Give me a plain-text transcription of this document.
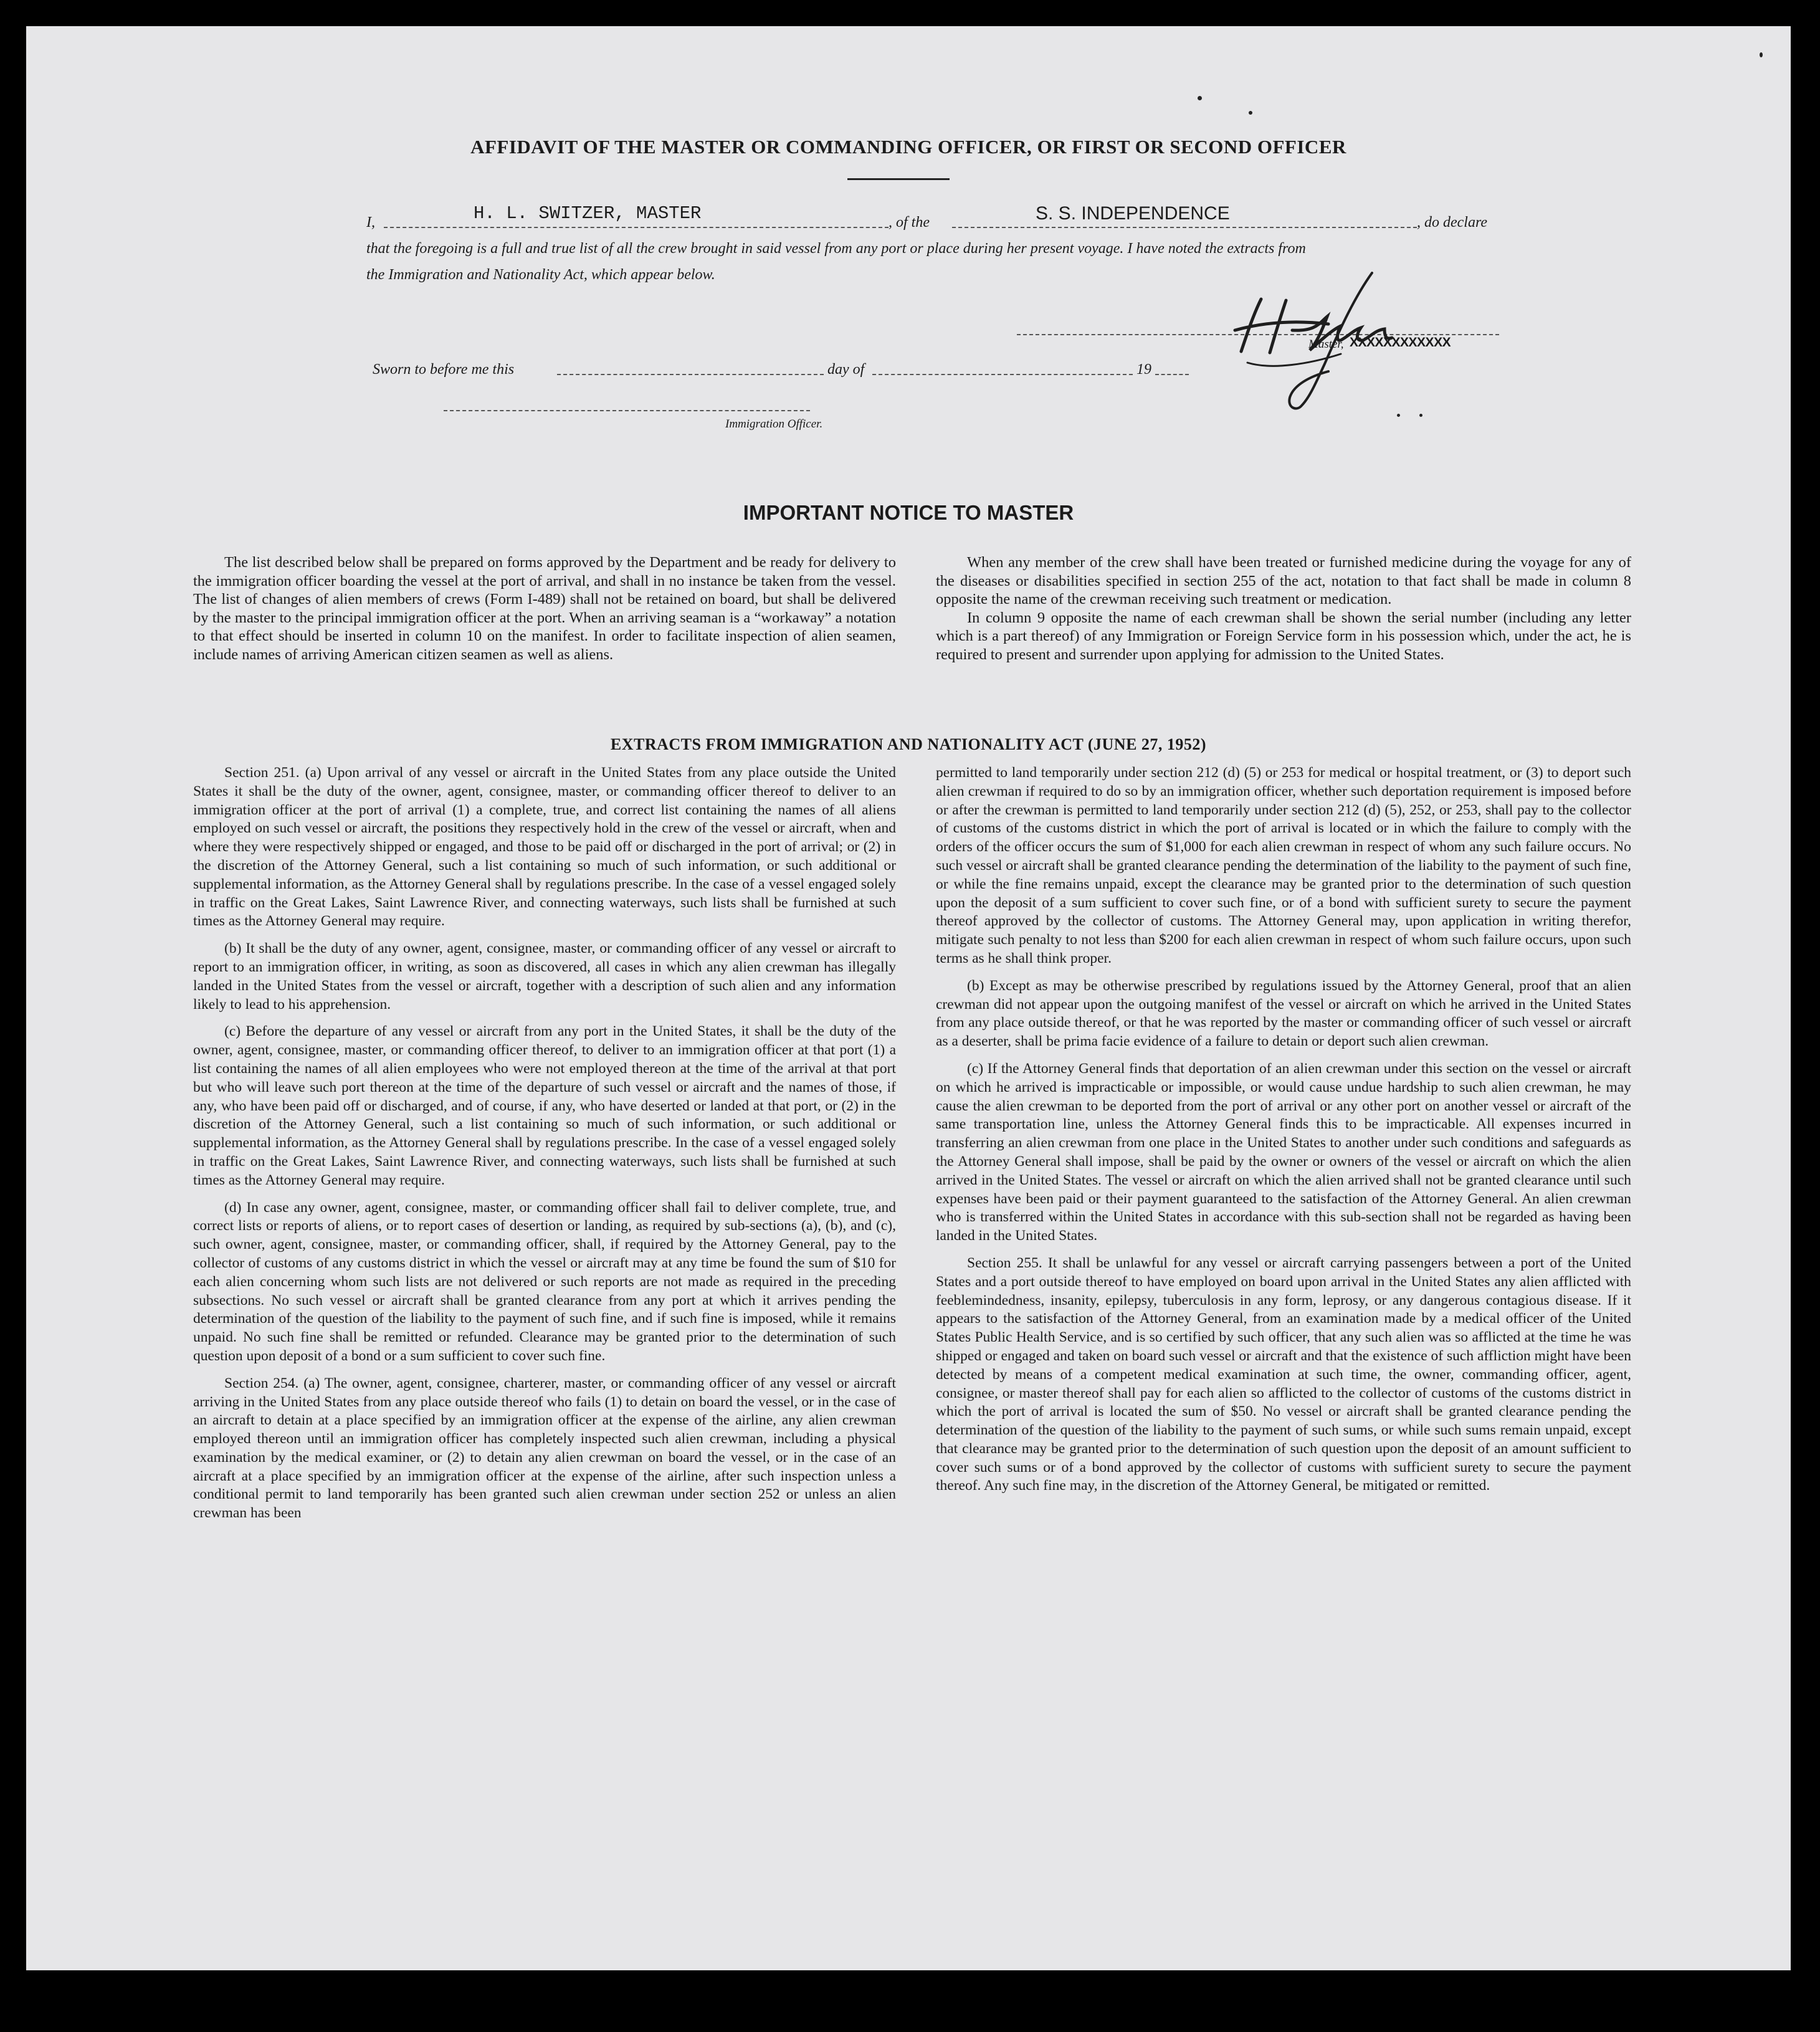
AFFIDAVIT OF THE MASTER OR COMMANDING OFFICER, OR FIRST OR SECOND OFFICER
I,	H. L. SWITZER, MASTER	, of the	S. S. INDEPENDENCE	, do declare
that the foregoing is a full and true list of all the crew brought in said vessel from any port or place during her present voyage. I have noted the extracts from
the Immigration and Nationality Act, which appear below.
Master, XXXXXXXXXXXX
Sworn to before me this	day of	19
Immigration Officer.
IMPORTANT NOTICE TO MASTER

The list described below shall be prepared on forms approved by the Department and be ready for delivery to the immigration officer boarding the vessel at the port of arrival, and shall in no instance be taken from the vessel. The list of changes of alien members of crews (Form I-489) shall not be retained on board, but shall be delivered by the master to the principal immigration officer at the port. When an arriving seaman is a “workaway” a notation to that effect should be inserted in column 10 on the manifest. In order to facilitate inspection of alien seamen, include names of arriving American citizen seamen as well as aliens.

When any member of the crew shall have been treated or furnished medicine during the voyage for any of the diseases or disabilities specified in section 255 of the act, notation to that fact shall be made in column 8 opposite the name of the crewman receiving such treatment or medication.

In column 9 opposite the name of each crewman shall be shown the serial number (including any letter which is a part thereof) of any Immigration or Foreign Service form in his possession which, under the act, he is required to present and surrender upon applying for admission to the United States.

EXTRACTS FROM IMMIGRATION AND NATIONALITY ACT (JUNE 27, 1952)

Section 251. (a) Upon arrival of any vessel or aircraft in the United States from any place outside the United States it shall be the duty of the owner, agent, consignee, master, or commanding officer thereof to deliver to an immigration officer at the port of arrival (1) a complete, true, and correct list containing the names of all aliens employed on such vessel or aircraft, the positions they respectively hold in the crew of the vessel or aircraft, when and where they were respectively shipped or engaged, and those to be paid off or discharged in the port of arrival; or (2) in the discretion of the Attorney General, such a list containing so much of such information, or such additional or supplemental information, as the Attorney General shall by regulations prescribe. In the case of a vessel engaged solely in traffic on the Great Lakes, Saint Lawrence River, and connecting waterways, such lists shall be furnished at such times as the Attorney General may require.

(b) It shall be the duty of any owner, agent, consignee, master, or commanding officer of any vessel or aircraft to report to an immigration officer, in writing, as soon as discovered, all cases in which any alien crewman has illegally landed in the United States from the vessel or aircraft, together with a description of such alien and any information likely to lead to his apprehension.

(c) Before the departure of any vessel or aircraft from any port in the United States, it shall be the duty of the owner, agent, consignee, master, or commanding officer thereof, to deliver to an immigration officer at that port (1) a list containing the names of all alien employees who were not employed thereon at the time of the arrival at that port but who will leave such port thereon at the time of the departure of such vessel or aircraft and the names of those, if any, who have been paid off or discharged, and of course, if any, who have deserted or landed at that port, or (2) in the discretion of the Attorney General, such a list containing so much of such information, or such additional or supplemental information, as the Attorney General shall by regulations prescribe. In the case of a vessel engaged solely in traffic on the Great Lakes, Saint Lawrence River, and connecting waterways, such lists shall be furnished at such times as the Attorney General may require.

(d) In case any owner, agent, consignee, master, or commanding officer shall fail to deliver complete, true, and correct lists or reports of aliens, or to report cases of desertion or landing, as required by sub-sections (a), (b), and (c), such owner, agent, consignee, master, or commanding officer, shall, if required by the Attorney General, pay to the collector of customs of any customs district in which the vessel or aircraft may at any time be found the sum of $10 for each alien concerning whom such lists are not delivered or such reports are not made as required in the preceding subsections. No such vessel or aircraft shall be granted clearance from any port at which it arrives pending the determination of the question of the liability to the payment of such fine, and if such fine is imposed, while it remains unpaid. No such fine shall be remitted or refunded. Clearance may be granted prior to the determination of such question upon deposit of a bond or a sum sufficient to cover such fine.

Section 254. (a) The owner, agent, consignee, charterer, master, or commanding officer of any vessel or aircraft arriving in the United States from any place outside thereof who fails (1) to detain on board the vessel, or in the case of an aircraft to detain at a place specified by an immigration officer at the expense of the airline, any alien crewman employed thereon until an immigration officer has completely inspected such alien crewman, including a physical examination by the medical examiner, or (2) to detain any alien crewman on board the vessel, or in the case of an aircraft at a place specified by an immigration officer at the expense of the airline, after such inspection unless a conditional permit to land temporarily has been granted such alien crewman under section 252 or unless an alien crewman has been

permitted to land temporarily under section 212 (d) (5) or 253 for medical or hospital treatment, or (3) to deport such alien crewman if required to do so by an immigration officer, whether such deportation requirement is imposed before or after the crewman is permitted to land temporarily under section 212 (d) (5), 252, or 253, shall pay to the collector of customs of the customs district in which the port of arrival is located or in which the failure to comply with the orders of the officer occurs the sum of $1,000 for each alien crewman in respect of whom any such failure occurs. No such vessel or aircraft shall be granted clearance pending the determination of the liability to the payment of such fine, or while the fine remains unpaid, except the clearance may be granted prior to the determination of such question upon the deposit of a sum sufficient to cover such fine, or of a bond with sufficient surety to secure the payment thereof approved by the collector of customs. The Attorney General may, upon application in writing therefor, mitigate such penalty to not less than $200 for each alien crewman in respect of whom such failure occurs, upon such terms as he shall think proper.

(b) Except as may be otherwise prescribed by regulations issued by the Attorney General, proof that an alien crewman did not appear upon the outgoing manifest of the vessel or aircraft on which he arrived in the United States from any place outside thereof, or that he was reported by the master or commanding officer of such vessel or aircraft as a deserter, shall be prima facie evidence of a failure to detain or deport such alien crewman.

(c) If the Attorney General finds that deportation of an alien crewman under this section on the vessel or aircraft on which he arrived is impracticable or impossible, or would cause undue hardship to such alien crewman, he may cause the alien crewman to be deported from the port of arrival or any other port on another vessel or aircraft of the same transportation line, unless the Attorney General finds this to be impracticable. All expenses incurred in transferring an alien crewman from one place in the United States to another under such conditions and safeguards as the Attorney General shall impose, shall be paid by the owner or owners of the vessel or aircraft on which the alien arrived in the United States. The vessel or aircraft on which the alien arrived shall not be granted clearance until such expenses have been paid or their payment guaranteed to the satisfaction of the Attorney General. An alien crewman who is transferred within the United States in accordance with this sub-section shall not be regarded as having been landed in the United States.

Section 255. It shall be unlawful for any vessel or aircraft carrying passengers between a port of the United States and a port outside thereof to have employed on board upon arrival in the United States any alien afflicted with feeblemindedness, insanity, epilepsy, tuberculosis in any form, leprosy, or any dangerous contagious disease. If it appears to the satisfaction of the Attorney General, from an examination made by a medical officer of the United States Public Health Service, and is so certified by such officer, that any such alien was so afflicted at the time he was shipped or engaged and taken on board such vessel or aircraft and that the existence of such affliction might have been detected by means of a competent medical examination at such time, the owner, commanding officer, agent, consignee, or master thereof shall pay for each alien so afflicted to the collector of customs of the customs district in which the port of arrival is located the sum of $50. No vessel or aircraft shall be granted clearance pending the determination of the question of the liability to the payment of such sums, or while such sums remain unpaid, except that clearance may be granted prior to the determination of such question upon the deposit of an amount sufficient to cover such sums or of a bond approved by the collector of customs with sufficient surety to secure the payment thereof. Any such fine may, in the discretion of the Attorney General, be mitigated or remitted.
